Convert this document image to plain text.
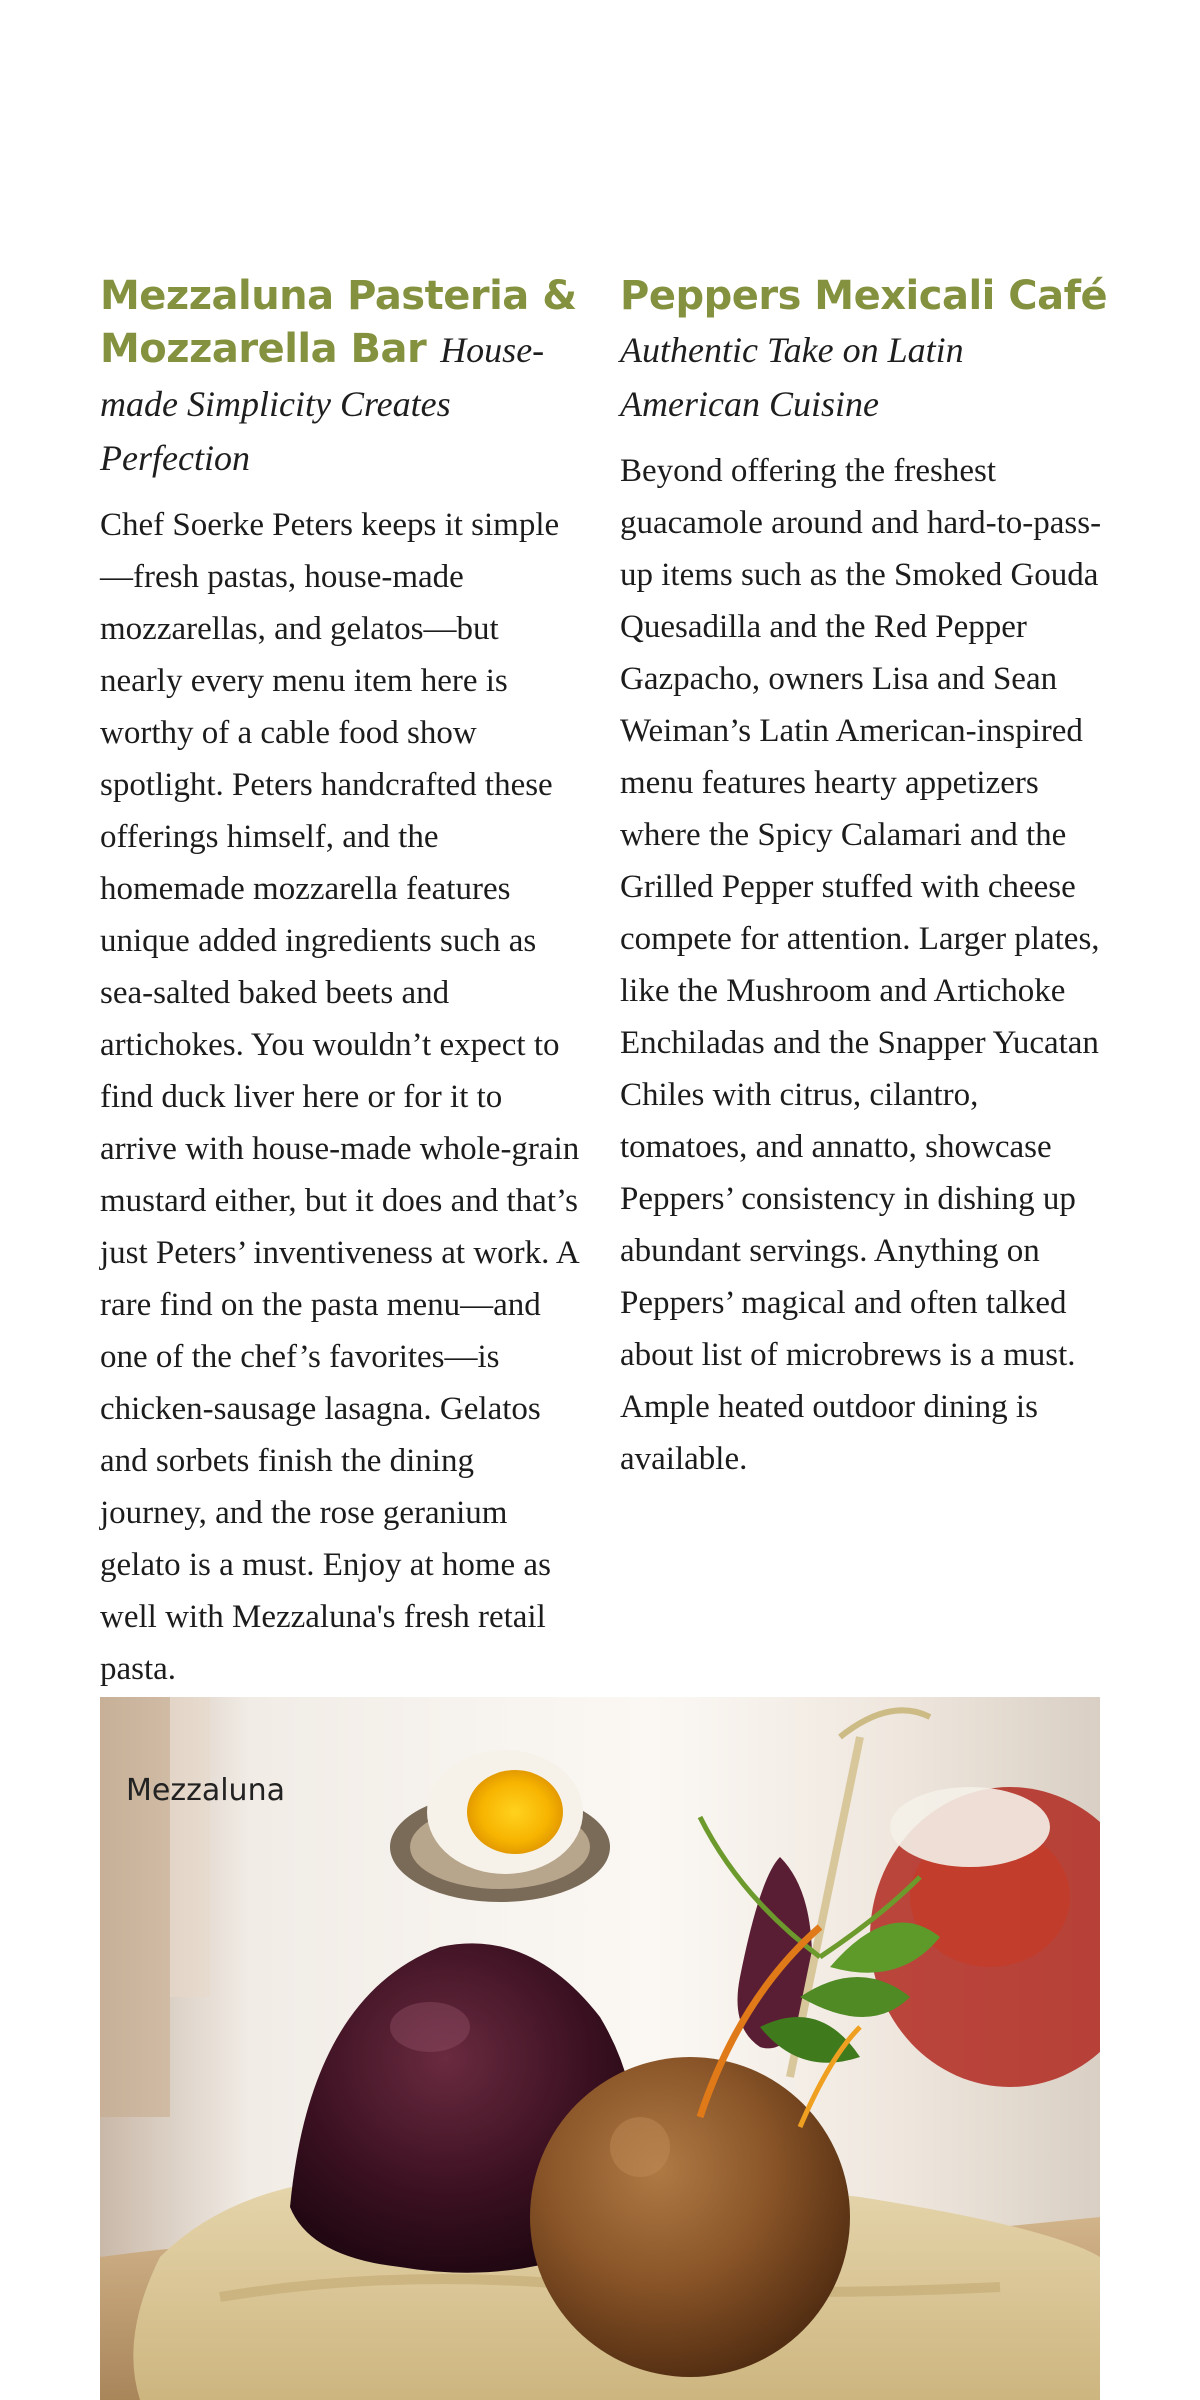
Mezzaluna Pasteria & Mozzarella Bar House-made Simplicity Creates Perfection

Chef Soerke Peters keeps it simple—fresh pastas, house-made mozzarellas, and gelatos—but nearly every menu item here is worthy of a cable food show spotlight. Peters handcrafted these offerings himself, and the homemade mozzarella features unique added ingredients such as sea-salted baked beets and artichokes. You wouldn’t expect to find duck liver here or for it to arrive with house-made whole-grain mustard either, but it does and that’s just Peters’ inventiveness at work. A rare find on the pasta menu—and one of the chef’s favorites—is chicken-sausage lasagna. Gelatos and sorbets finish the dining journey, and the rose geranium gelato is a must. Enjoy at home as well with Mezzaluna's fresh retail pasta.

Peppers Mexicali Café Authentic Take on Latin American Cuisine

Beyond offering the freshest guacamole around and hard-to-pass-up items such as the Smoked Gouda Quesadilla and the Red Pepper Gazpacho, owners Lisa and Sean Weiman’s Latin American-inspired menu features hearty appetizers where the Spicy Calamari and the Grilled Pepper stuffed with cheese compete for attention. Larger plates, like the Mushroom and Artichoke Enchiladas and the Snapper Yucatan Chiles with citrus, cilantro, tomatoes, and annatto, showcase Peppers’ consistency in dishing up abundant servings. Anything on Peppers’ magical and often talked about list of microbrews is a must. Ample heated outdoor dining is available.

Mezzaluna
